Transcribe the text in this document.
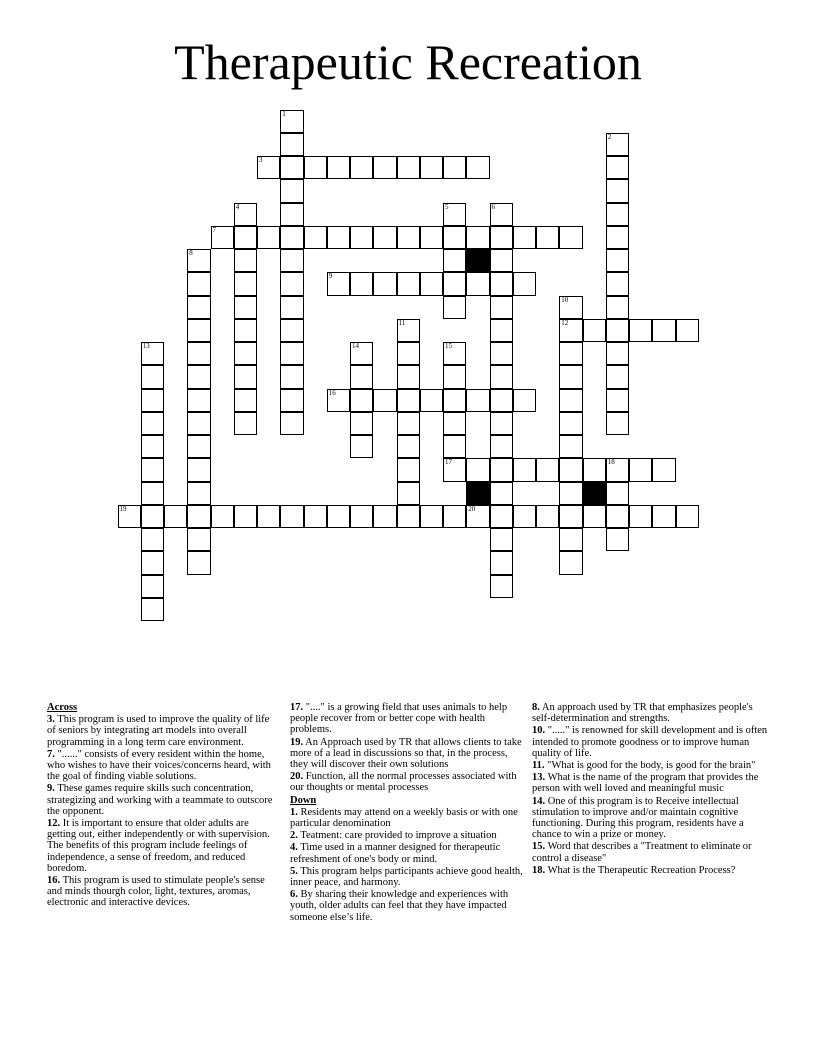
Therapeutic Recreation
3
7
9
12
16
17	18
19	20
1
2
4	5	6
8
10
11
13	14	15
Across
3. This program is used to improve the quality of life of seniors by integrating art models into overall programming in a long term care environment.
7. "......" consists of every resident within the home, who wishes to have their voices/concerns heard, with the goal of finding viable solutions.
9. These games require skills such concentration, strategizing and working with a teammate to outscore the opponent.
12. It is important to ensure that older adults are getting out, either independently or with supervision. The benefits of this program include feelings of independence, a sense of freedom, and reduced boredom.
16. This program is used to stimulate people's sense and minds thourgh color, light, textures, aromas, electronic and interactive devices.
17. "...." is a growing field that uses animals to help people recover from or better cope with health problems.
19. An Approach used by TR that allows clients to take more of a lead in discussions so that, in the process, they will discover their own solutions
20. Function, all the normal processes associated with our thoughts or mental processes
Down
1. Residents may attend on a weekly basis or with one particular denomination
2. Teatment: care provided to improve a situation
4. Time used in a manner designed for therapeutic refreshment of one's body or mind.
5. This program helps participants achieve good health, inner peace, and harmony.
6. By sharing their knowledge and experiences with youth, older adults can feel that they have impacted someone else’s life.
8. An approach used by TR that emphasizes people's self-determination and strengths.
10. "....." is renowned for skill development and is often intended to promote goodness or to improve human quality of life.
11. "What is good for the body, is good for the brain"
13. What is the name of the program that provides the person with well loved and meaningful music
14. One of this program is to Receive intellectual stimulation to improve and/or maintain cognitive functioning. During this program, residents have a chance to win a prize or money.
15. Word that describes a "Treatment to eliminate or control a disease"
18. What is the Therapeutic Recreation Process?
